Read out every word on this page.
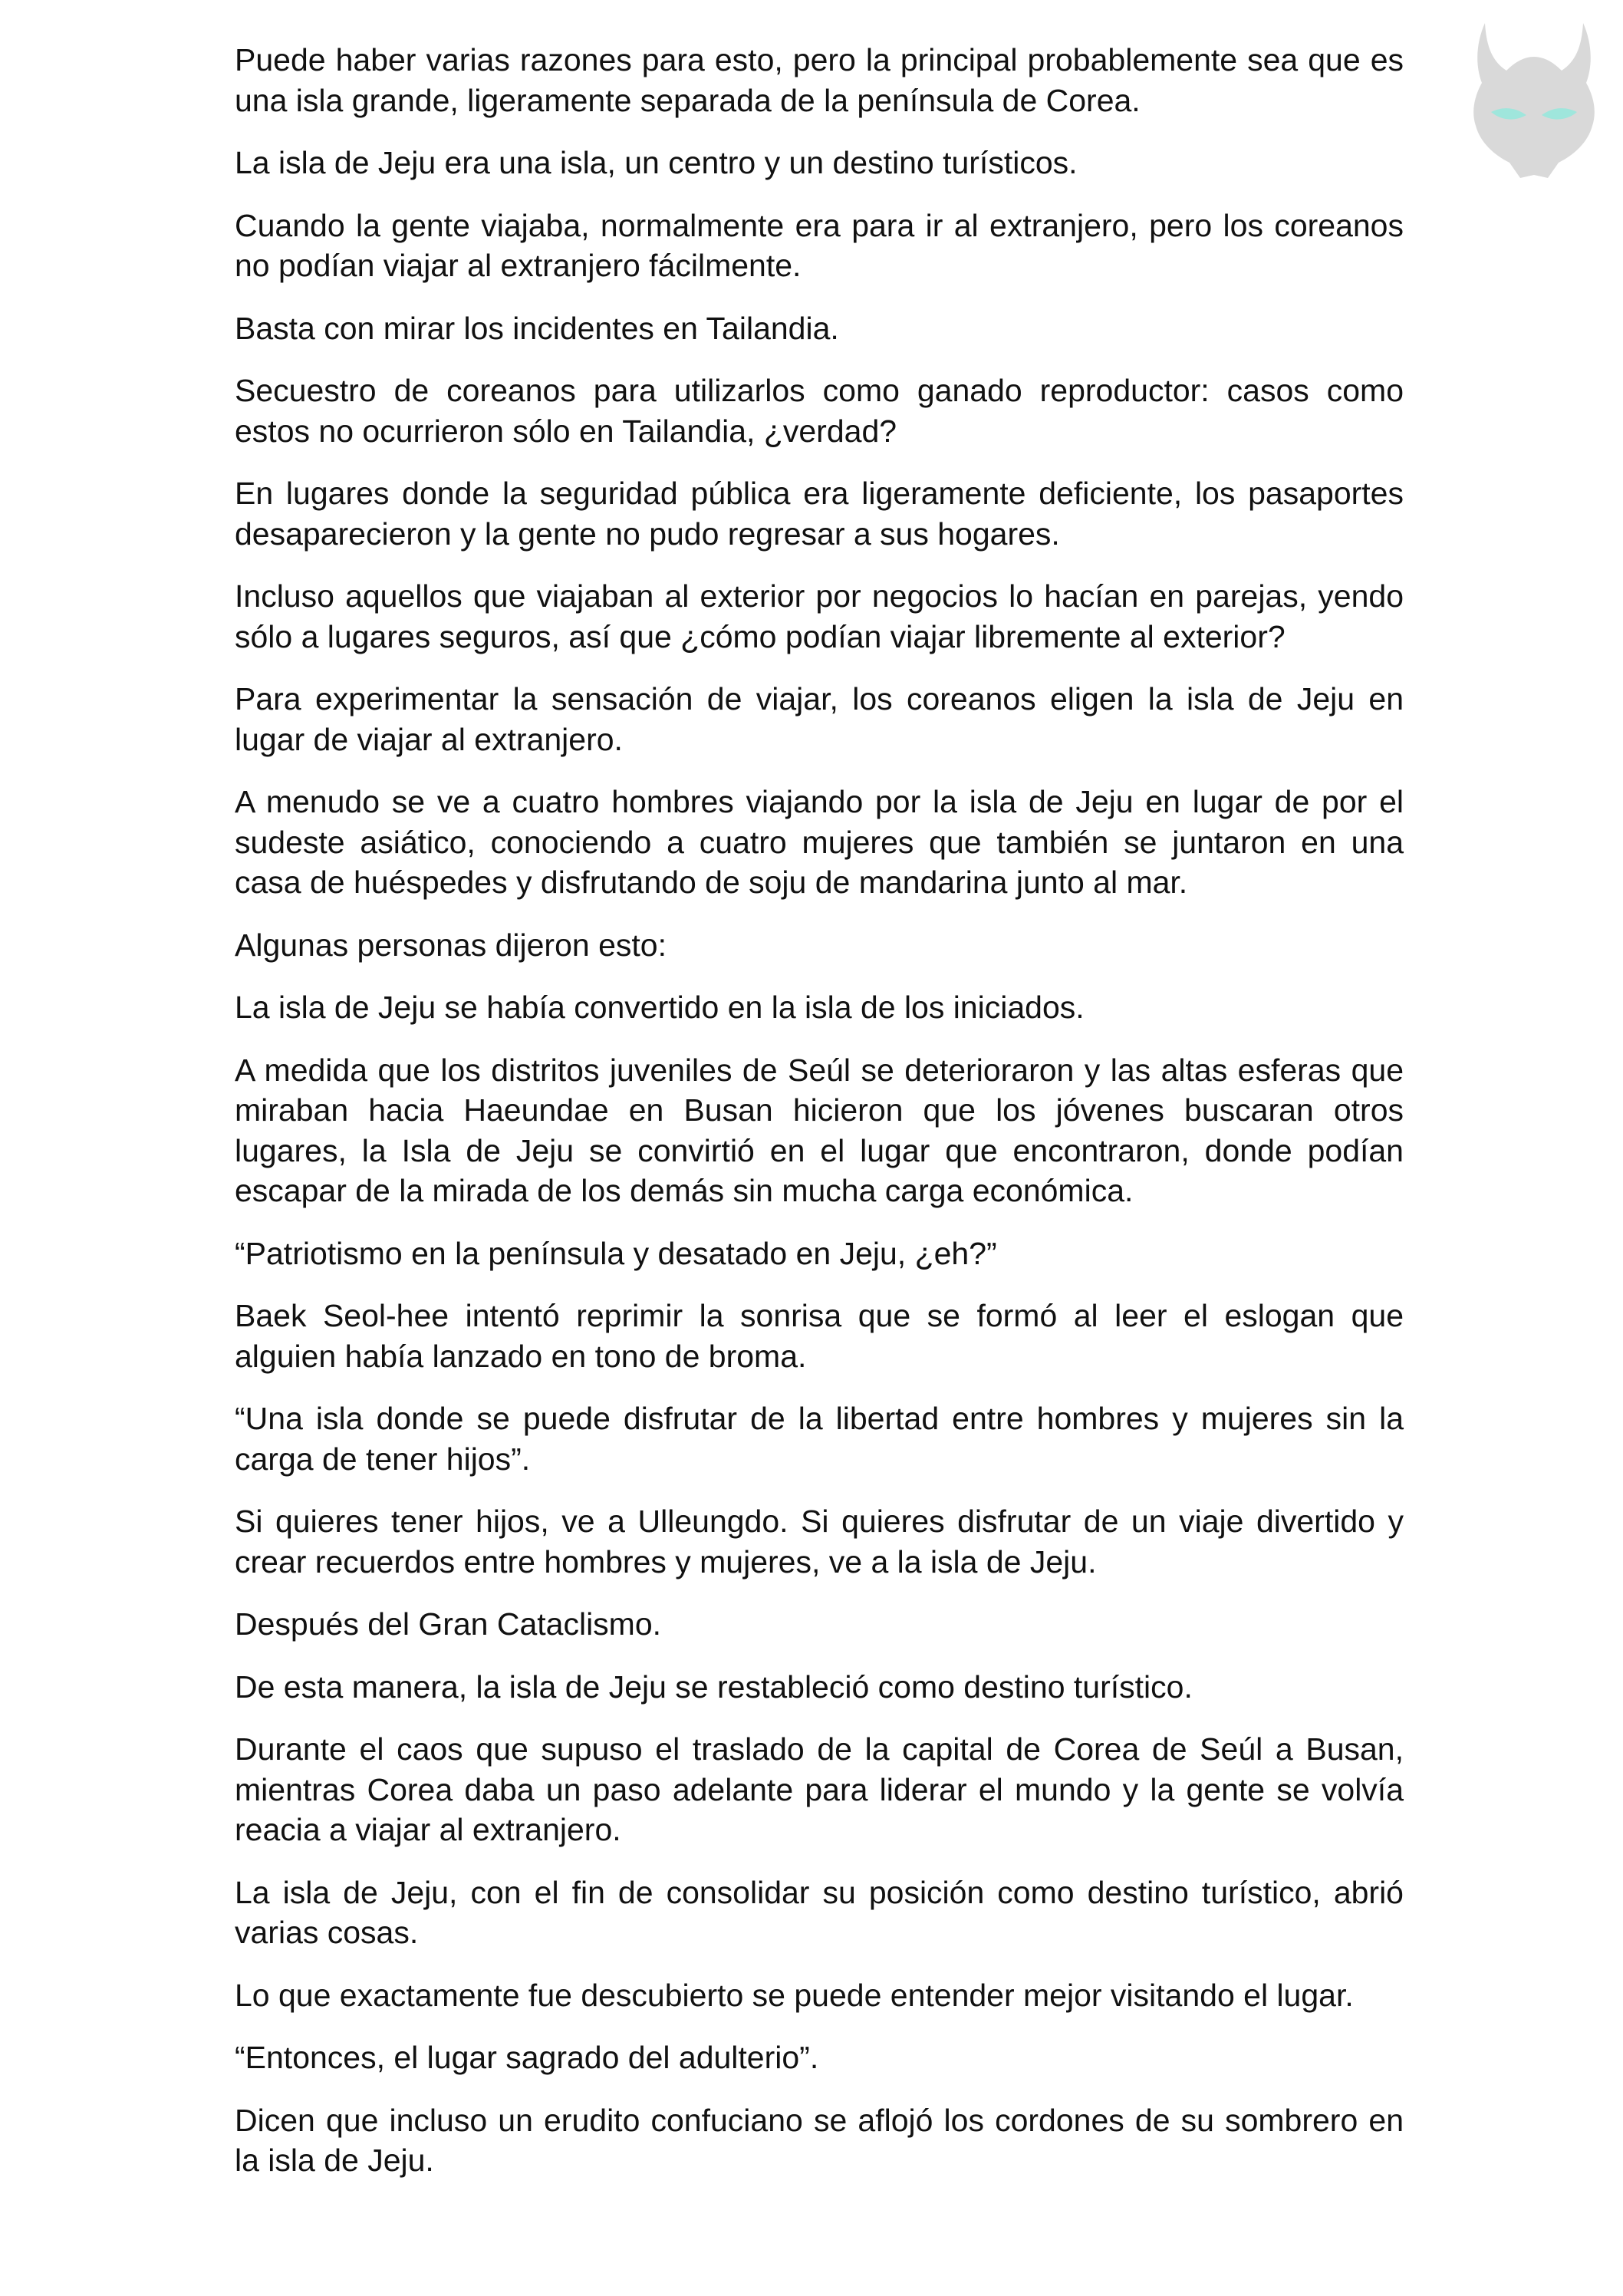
Puede haber varias razones para esto, pero la principal probablemente sea que es una isla grande, ligeramente separada de la península de Corea.

La isla de Jeju era una isla, un centro y un destino turísticos.

Cuando la gente viajaba, normalmente era para ir al extranjero, pero los coreanos no podían viajar al extranjero fácilmente.

Basta con mirar los incidentes en Tailandia.

Secuestro de coreanos para utilizarlos como ganado reproductor: casos como estos no ocurrieron sólo en Tailandia, ¿verdad?

En lugares donde la seguridad pública era ligeramente deficiente, los pasaportes desaparecieron y la gente no pudo regresar a sus hogares.

Incluso aquellos que viajaban al exterior por negocios lo hacían en parejas, yendo sólo a lugares seguros, así que ¿cómo podían viajar libremente al exterior?

Para experimentar la sensación de viajar, los coreanos eligen la isla de Jeju en lugar de viajar al extranjero.

A menudo se ve a cuatro hombres viajando por la isla de Jeju en lugar de por el sudeste asiático, conociendo a cuatro mujeres que también se juntaron en una casa de huéspedes y disfrutando de soju de mandarina junto al mar.

Algunas personas dijeron esto:

La isla de Jeju se había convertido en la isla de los iniciados.

A medida que los distritos juveniles de Seúl se deterioraron y las altas esferas que miraban hacia Haeundae en Busan hicieron que los jóvenes buscaran otros lugares, la Isla de Jeju se convirtió en el lugar que encontraron, donde podían escapar de la mirada de los demás sin mucha carga económica.

“Patriotismo en la península y desatado en Jeju, ¿eh?”

Baek Seol-hee intentó reprimir la sonrisa que se formó al leer el eslogan que alguien había lanzado en tono de broma.

“Una isla donde se puede disfrutar de la libertad entre hombres y mujeres sin la carga de tener hijos”.

Si quieres tener hijos, ve a Ulleungdo. Si quieres disfrutar de un viaje divertido y crear recuerdos entre hombres y mujeres, ve a la isla de Jeju.

Después del Gran Cataclismo.

De esta manera, la isla de Jeju se restableció como destino turístico.

Durante el caos que supuso el traslado de la capital de Corea de Seúl a Busan, mientras Corea daba un paso adelante para liderar el mundo y la gente se volvía reacia a viajar al extranjero.

La isla de Jeju, con el fin de consolidar su posición como destino turístico, abrió varias cosas.

Lo que exactamente fue descubierto se puede entender mejor visitando el lugar.

“Entonces, el lugar sagrado del adulterio”.

Dicen que incluso un erudito confuciano se aflojó los cordones de su sombrero en la isla de Jeju.
